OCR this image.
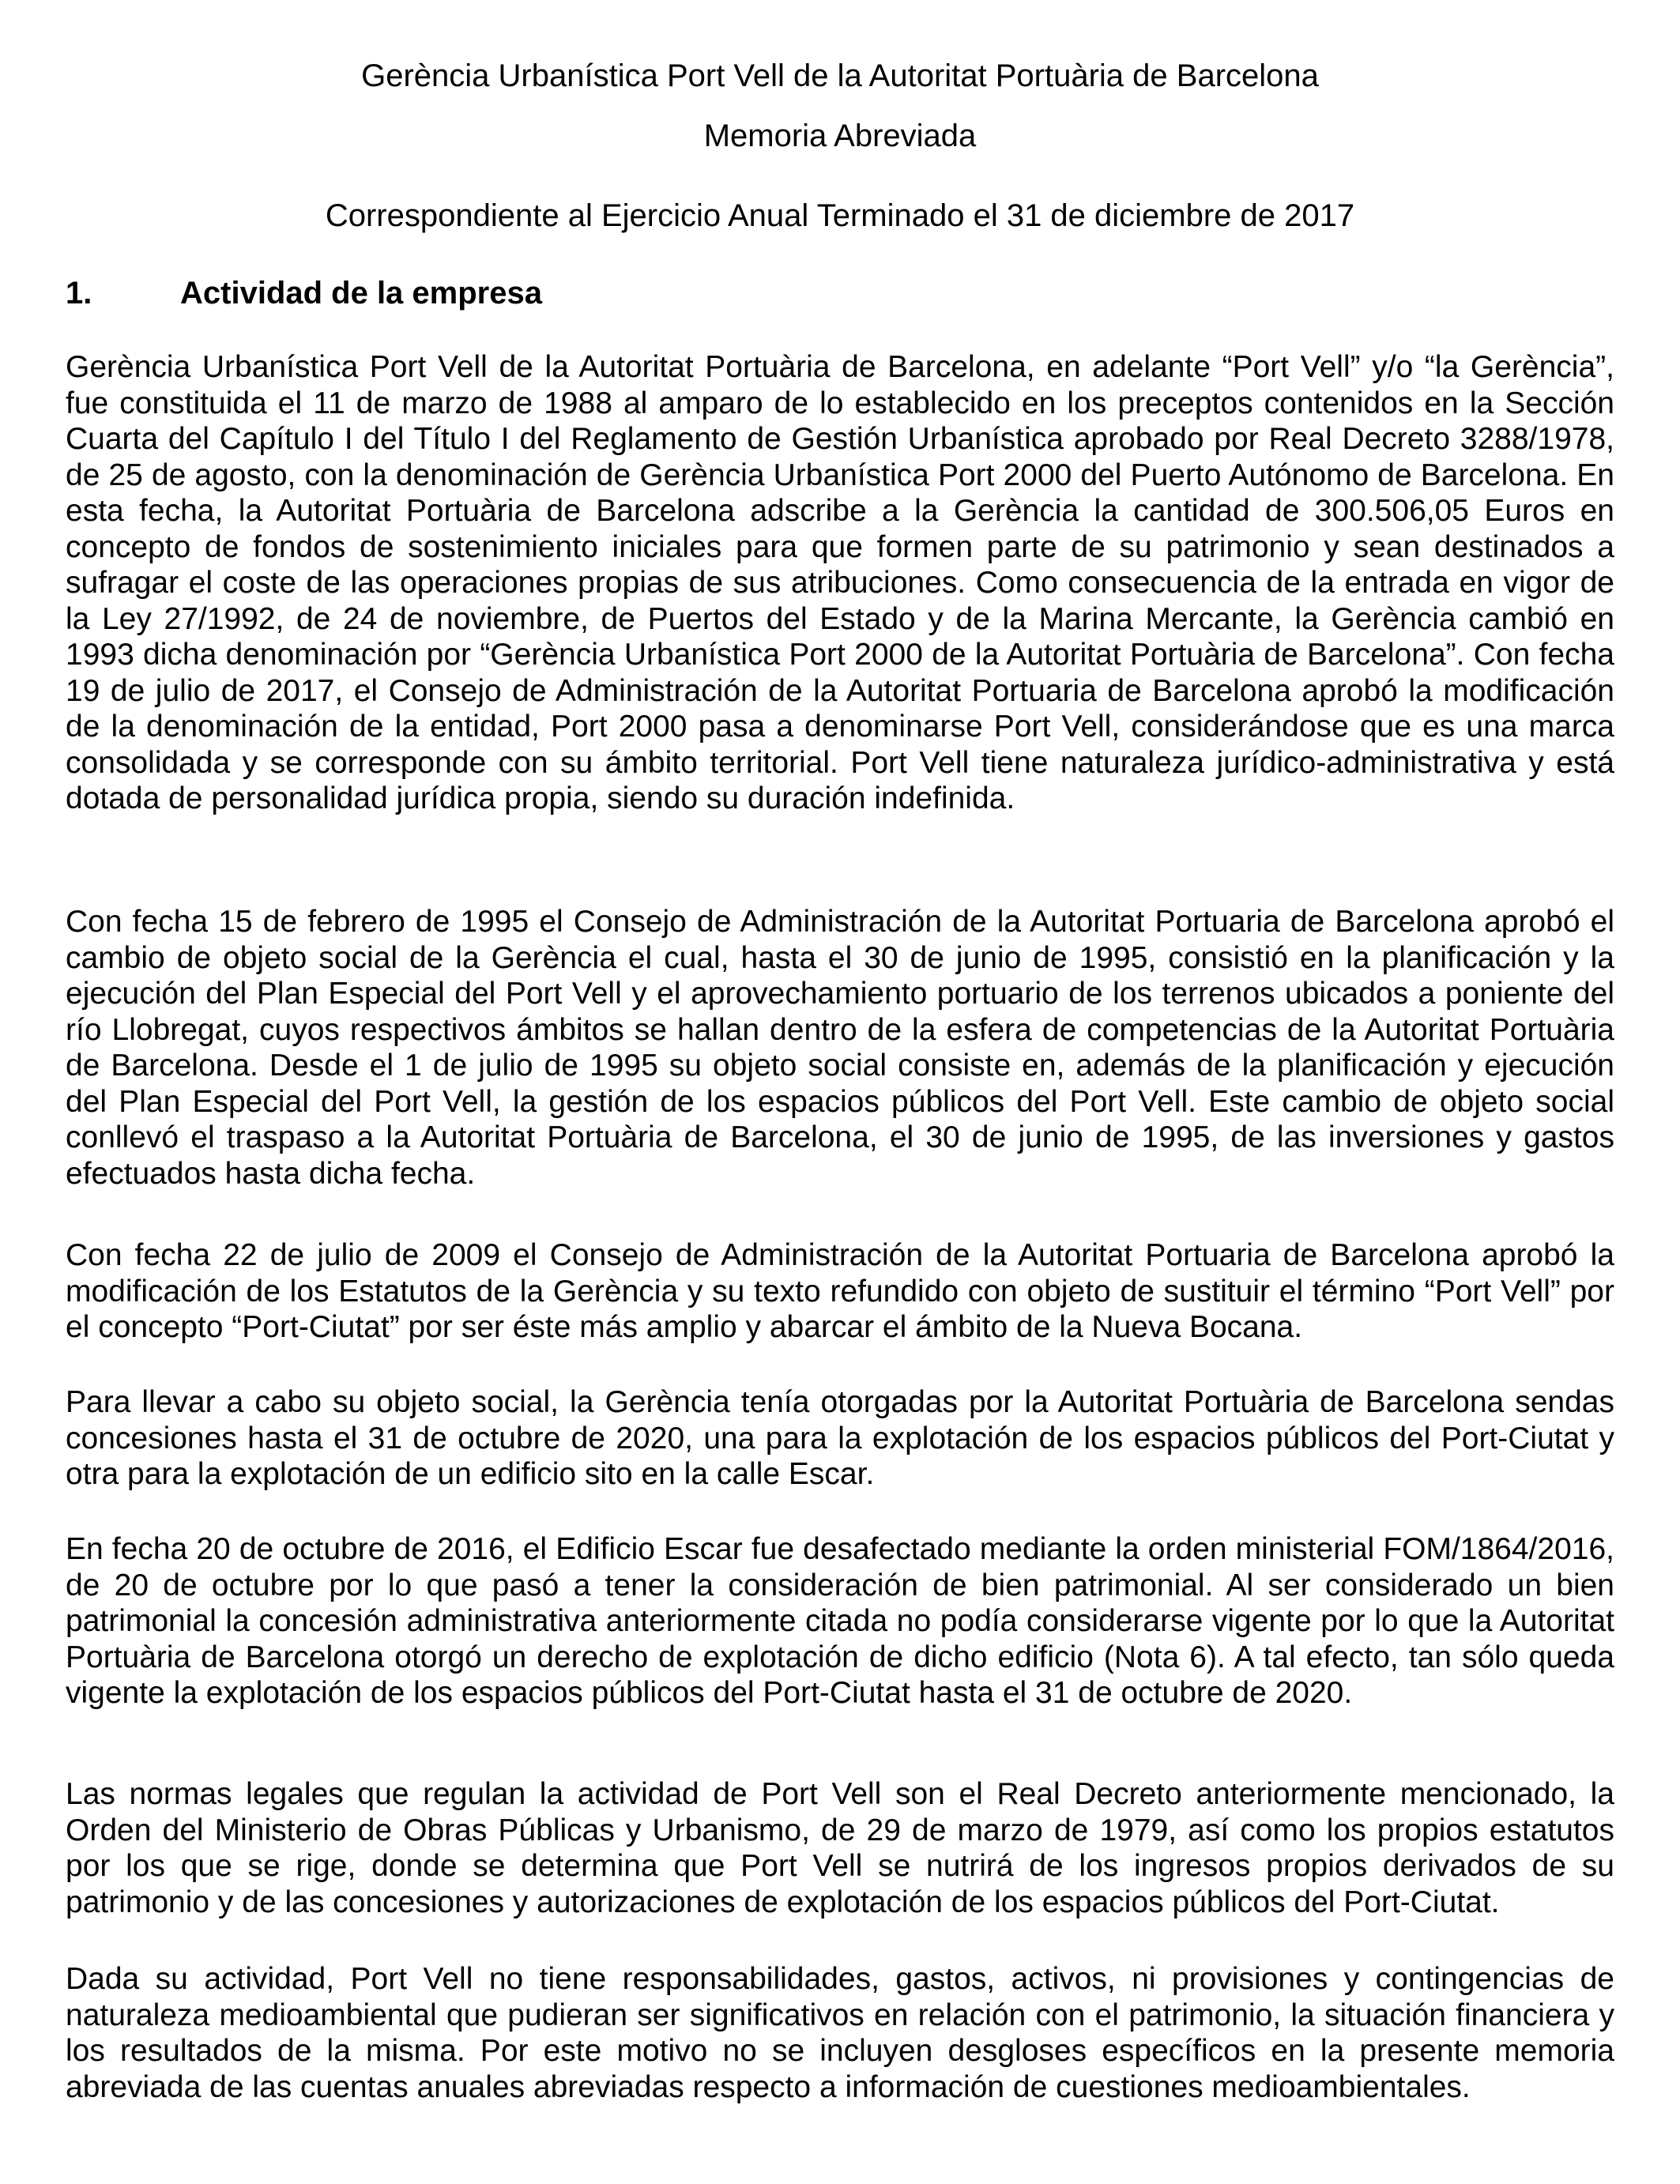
Gerència Urbanística Port Vell de la Autoritat Portuària de Barcelona
Memoria Abreviada
Correspondiente al Ejercicio Anual Terminado el 31 de diciembre de 2017
1.	Actividad de la empresa

Gerència Urbanística Port Vell de la Autoritat Portuària de Barcelona, en adelante “Port Vell” y/o “la Gerència”, fue constituida el 11 de marzo de 1988 al amparo de lo establecido en los preceptos contenidos en la Sección Cuarta del Capítulo I del Título I del Reglamento de Gestión Urbanística aprobado por Real Decreto 3288/1978, de 25 de agosto, con la denominación de Gerència Urbanística Port 2000 del Puerto Autónomo de Barcelona. En esta fecha, la Autoritat Portuària de Barcelona adscribe a la Gerència la cantidad de 300.506,05 Euros en concepto de fondos de sostenimiento iniciales para que formen parte de su patrimonio y sean destinados a sufragar el coste de las operaciones propias de sus atribuciones. Como consecuencia de la entrada en vigor de la Ley 27/1992, de 24 de noviembre, de Puertos del Estado y de la Marina Mercante, la Gerència cambió en 1993 dicha denominación por “Gerència Urbanística Port 2000 de la Autoritat Portuària de Barcelona”. Con fecha 19 de julio de 2017, el Consejo de Administración de la Autoritat Portuaria de Barcelona aprobó la modificación de la denominación de la entidad, Port 2000 pasa a denominarse Port Vell, considerándose que es una marca consolidada y se corresponde con su ámbito territorial. Port Vell tiene naturaleza jurídico-administrativa y está dotada de personalidad jurídica propia, siendo su duración indefinida.

Con fecha 15 de febrero de 1995 el Consejo de Administración de la Autoritat Portuaria de Barcelona aprobó el cambio de objeto social de la Gerència el cual, hasta el 30 de junio de 1995, consistió en la planificación y la ejecución del Plan Especial del Port Vell y el aprovechamiento portuario de los terrenos ubicados a poniente del río Llobregat, cuyos respectivos ámbitos se hallan dentro de la esfera de competencias de la Autoritat Portuària de Barcelona. Desde el 1 de julio de 1995 su objeto social consiste en, además de la planificación y ejecución del Plan Especial del Port Vell, la gestión de los espacios públicos del Port Vell. Este cambio de objeto social conllevó el traspaso a la Autoritat Portuària de Barcelona, el 30 de junio de 1995, de las inversiones y gastos efectuados hasta dicha fecha.

Con fecha 22 de julio de 2009 el Consejo de Administración de la Autoritat Portuaria de Barcelona aprobó la modificación de los Estatutos de la Gerència y su texto refundido con objeto de sustituir el término “Port Vell” por el concepto “Port-Ciutat” por ser éste más amplio y abarcar el ámbito de la Nueva Bocana.

Para llevar a cabo su objeto social, la Gerència tenía otorgadas por la Autoritat Portuària de Barcelona sendas concesiones hasta el 31 de octubre de 2020, una para la explotación de los espacios públicos del Port-Ciutat y otra para la explotación de un edificio sito en la calle Escar.

En fecha 20 de octubre de 2016, el Edificio Escar fue desafectado mediante la orden ministerial FOM/1864/2016, de 20 de octubre por lo que pasó a tener la consideración de bien patrimonial. Al ser considerado un bien patrimonial la concesión administrativa anteriormente citada no podía considerarse vigente por lo que la Autoritat Portuària de Barcelona otorgó un derecho de explotación de dicho edificio (Nota 6). A tal efecto, tan sólo queda vigente la explotación de los espacios públicos del Port-Ciutat hasta el 31 de octubre de 2020.

Las normas legales que regulan la actividad de Port Vell son el Real Decreto anteriormente mencionado, la Orden del Ministerio de Obras Públicas y Urbanismo, de 29 de marzo de 1979, así como los propios estatutos por los que se rige, donde se determina que Port Vell se nutrirá de los ingresos propios derivados de su patrimonio y de las concesiones y autorizaciones de explotación de los espacios públicos del Port-Ciutat.

Dada su actividad, Port Vell no tiene responsabilidades, gastos, activos, ni provisiones y contingencias de naturaleza medioambiental que pudieran ser significativos en relación con el patrimonio, la situación financiera y los resultados de la misma. Por este motivo no se incluyen desgloses específicos en la presente memoria abreviada de las cuentas anuales abreviadas respecto a información de cuestiones medioambientales.
